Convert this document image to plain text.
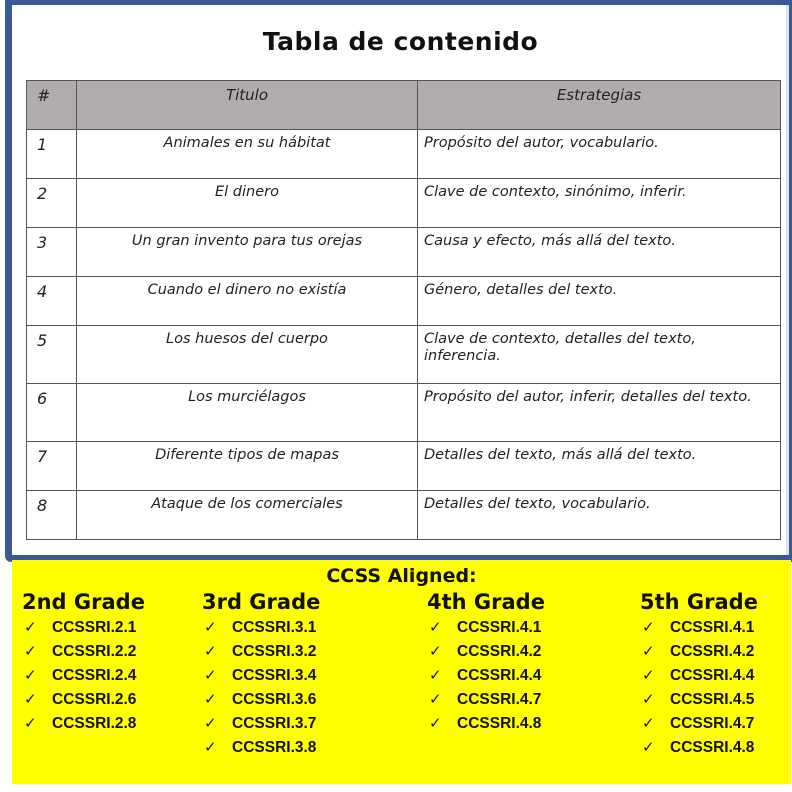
Tabla de contenido
#	Titulo	Estrategias
1	Animales en su hábitat	Propósito del autor, vocabulario.

2	El dinero	Clave de contexto, sinónimo, inferir.

3	Un gran invento para tus orejas	Causa y efecto, más allá del texto.

4	Cuando el dinero no existía	Género, detalles del texto.

5	Los huesos del cuerpo	Clave de contexto, detalles del texto, inferencia.

6	Los murciélagos	Propósito del autor, inferir, detalles del texto.

7	Diferente tipos de mapas	Detalles del texto, más allá del texto.

8	Ataque de los comerciales	Detalles del texto, vocabulario.
CCSS Aligned:
2nd Grade
✓ CCSSRI.2.1
✓ CCSSRI.2.2
✓ CCSSRI.2.4
✓ CCSSRI.2.6
✓ CCSSRI.2.8
3rd Grade
✓ CCSSRI.3.1
✓ CCSSRI.3.2
✓ CCSSRI.3.4
✓ CCSSRI.3.6
✓ CCSSRI.3.7
✓ CCSSRI.3.8
4th Grade
✓ CCSSRI.4.1
✓ CCSSRI.4.2
✓ CCSSRI.4.4
✓ CCSSRI.4.7
✓ CCSSRI.4.8
5th Grade
✓ CCSSRI.4.1
✓ CCSSRI.4.2
✓ CCSSRI.4.4
✓ CCSSRI.4.5
✓ CCSSRI.4.7
✓ CCSSRI.4.8
